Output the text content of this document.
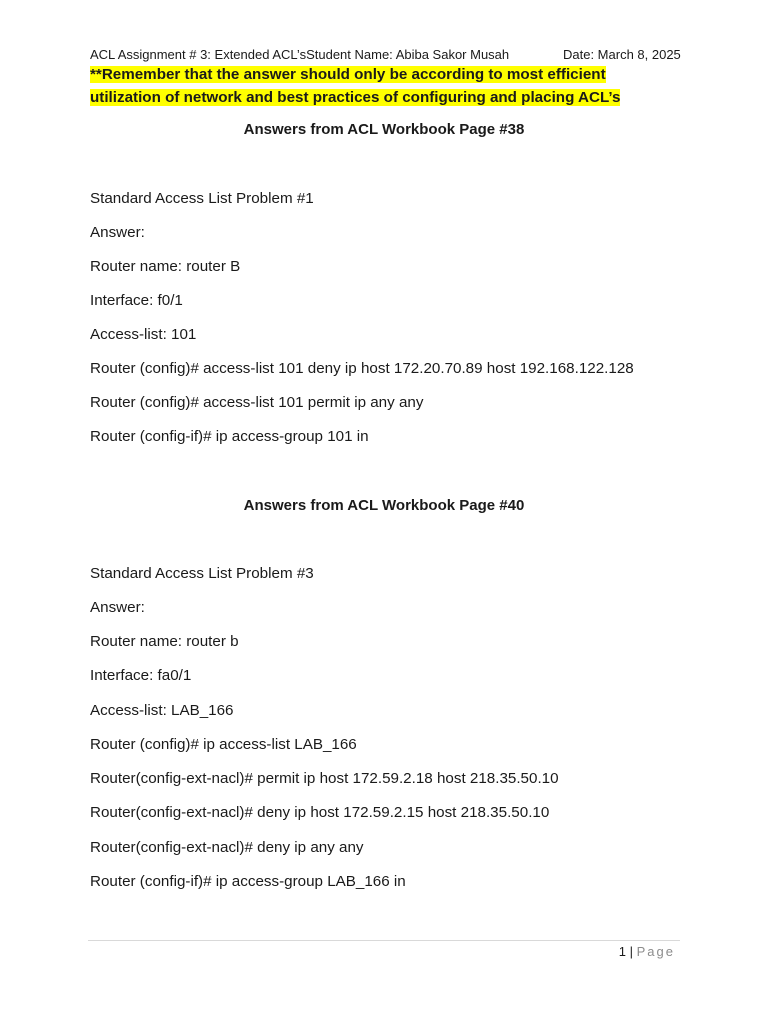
ACL Assignment # 3: Extended ACL’sStudent Name: Abiba Sakor Musah	Date: March 8, 2025
**Remember that the answer should only be according to most efficient
utilization of network and best practices of configuring and placing ACL’s
Answers from ACL Workbook Page #38
Standard Access List Problem #1
Answer:
Router name: router B
Interface: f0/1
Access-list: 101
Router (config)# access-list 101 deny ip host 172.20.70.89 host 192.168.122.128
Router (config)# access-list 101 permit ip any any
Router (config-if)# ip access-group 101 in
Answers from ACL Workbook Page #40
Standard Access List Problem #3
Answer:
Router name: router b
Interface: fa0/1
Access-list: LAB_166
Router (config)# ip access-list LAB_166
Router(config-ext-nacl)# permit ip host 172.59.2.18 host 218.35.50.10
Router(config-ext-nacl)# deny ip host 172.59.2.15 host 218.35.50.10
Router(config-ext-nacl)# deny ip any any
Router (config-if)# ip access-group LAB_166 in
1 | Page
